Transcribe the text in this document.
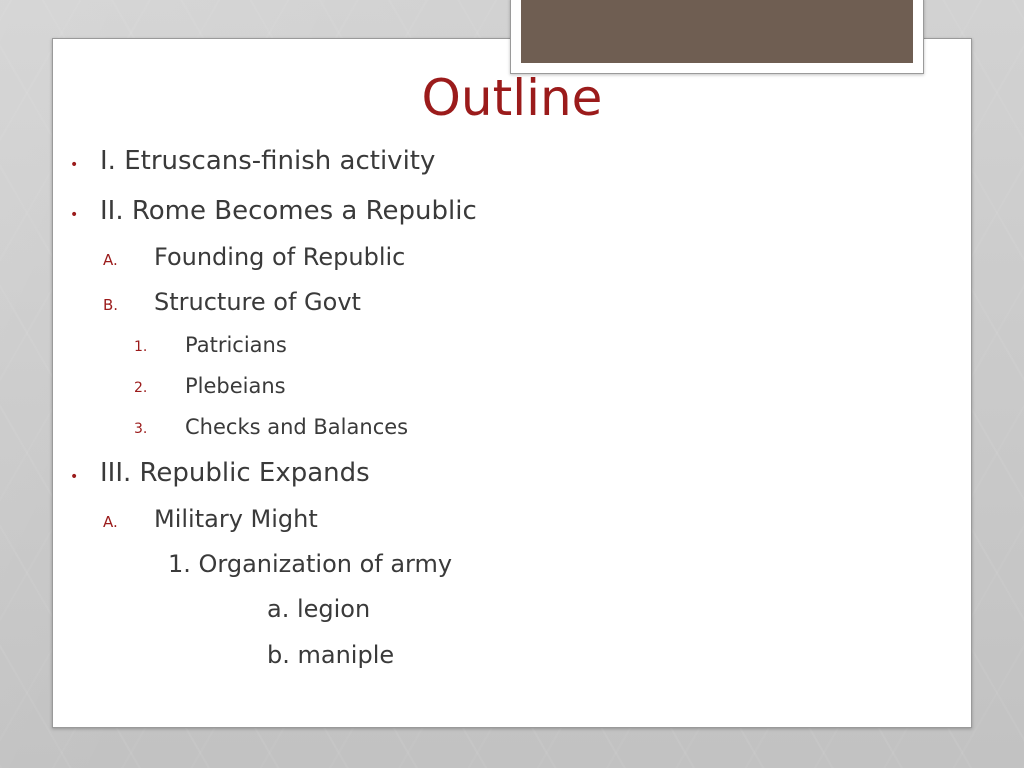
Outline
• I. Etruscans-finish activity
• II. Rome Becomes a Republic
A. Founding of Republic
B. Structure of Govt
1. Patricians
2. Plebeians
3. Checks and Balances
• III. Republic Expands
A. Military Might
1. Organization of army
a. legion
b. maniple
